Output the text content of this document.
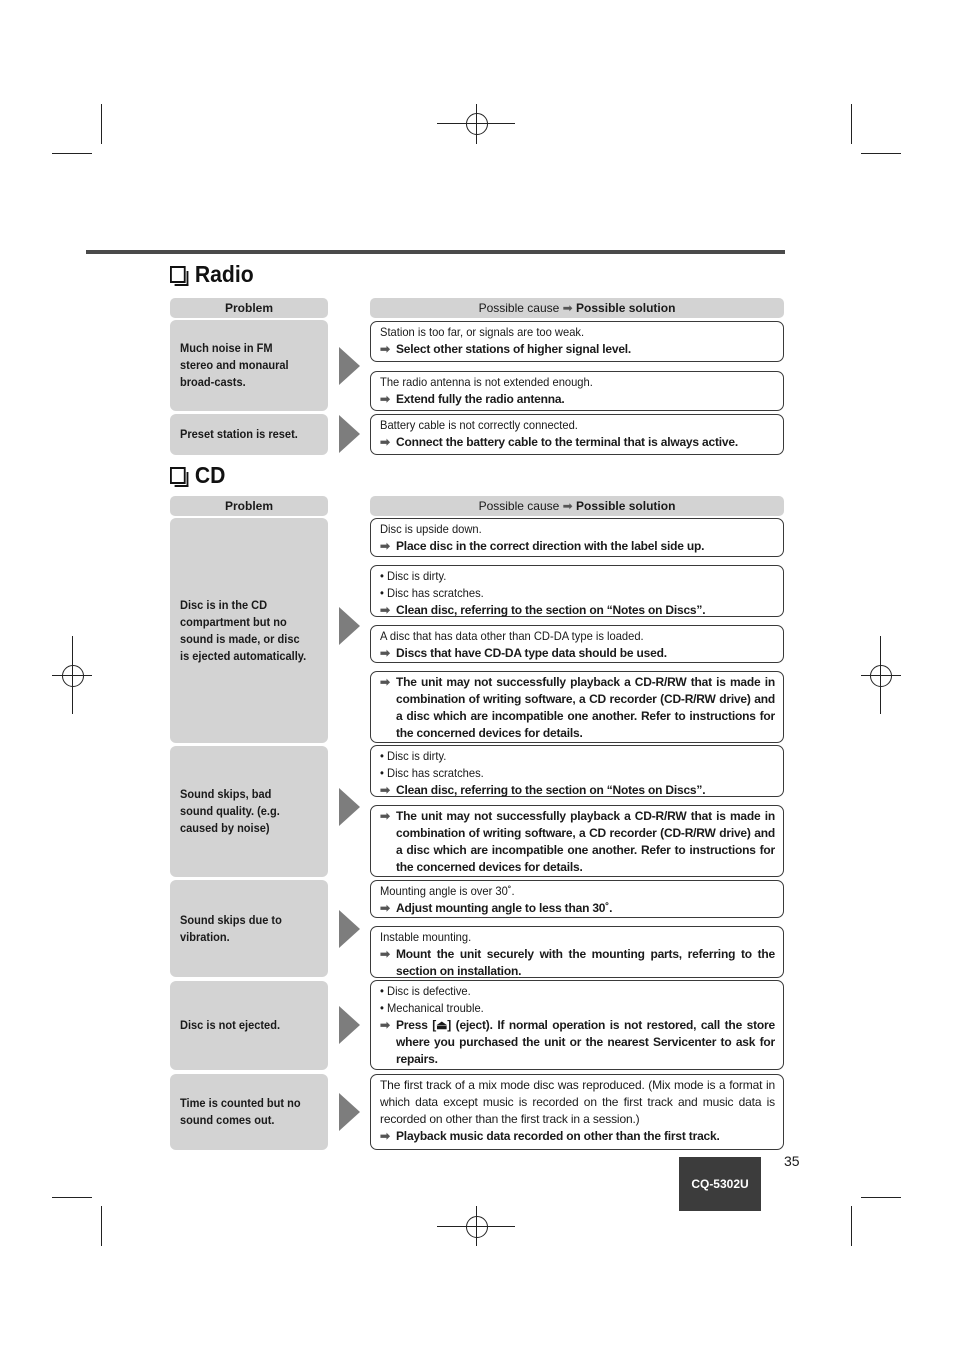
Radio
Problem	Possible cause
➡
Possible solution
Much noise in FM stereo and monaural broad-casts.
Station is too far, or signals are too weak.
➡ Select other stations of higher signal level.
The radio antenna is not extended enough.
➡ Extend fully the radio antenna.
Preset station is reset.
Battery cable is not correctly connected.
➡ Connect the battery cable to the terminal that is always active.
CD
Problem	Possible cause
➡
Possible solution
Disc is in the CD compartment but no sound is made, or disc is ejected automatically.
Disc is upside down.
➡ Place disc in the correct direction with the label side up.
• Disc is dirty.
• Disc has scratches.
➡ Clean disc, referring to the section on “Notes on Discs”.
A disc that has data other than CD-DA type is loaded.
➡ Discs that have CD-DA type data should be used.
➡ The unit may not successfully playback a CD-R/RW that is made in combination of writing software, a CD recorder (CD-R/RW drive) and a disc which are incompatible one another. Refer to instructions for the concerned devices for details.
Sound skips, bad sound quality. (e.g. caused by noise)
• Disc is dirty.
• Disc has scratches.
➡ Clean disc, referring to the section on “Notes on Discs”.
➡ The unit may not successfully playback a CD-R/RW that is made in combination of writing software, a CD recorder (CD-R/RW drive) and a disc which are incompatible one another. Refer to instructions for the concerned devices for details.
Sound skips due to vibration.
Mounting angle is over 30˚.
➡ Adjust mounting angle to less than 30˚.
Instable mounting.
➡ Mount the unit securely with the mounting parts, referring to the section on installation.
Disc is not ejected.
• Disc is defective.
• Mechanical trouble.
➡ Press [⏏] (eject). If normal operation is not restored, call the store where you purchased the unit or the nearest Servicenter to ask for repairs.
Time is counted but no sound comes out.
The first track of a mix mode disc was reproduced. (Mix mode is a format in which data except music is recorded on the first track and music data is recorded on other than the first track in a session.)
➡ Playback music data recorded on other than the first track.
35
CQ-5302U
